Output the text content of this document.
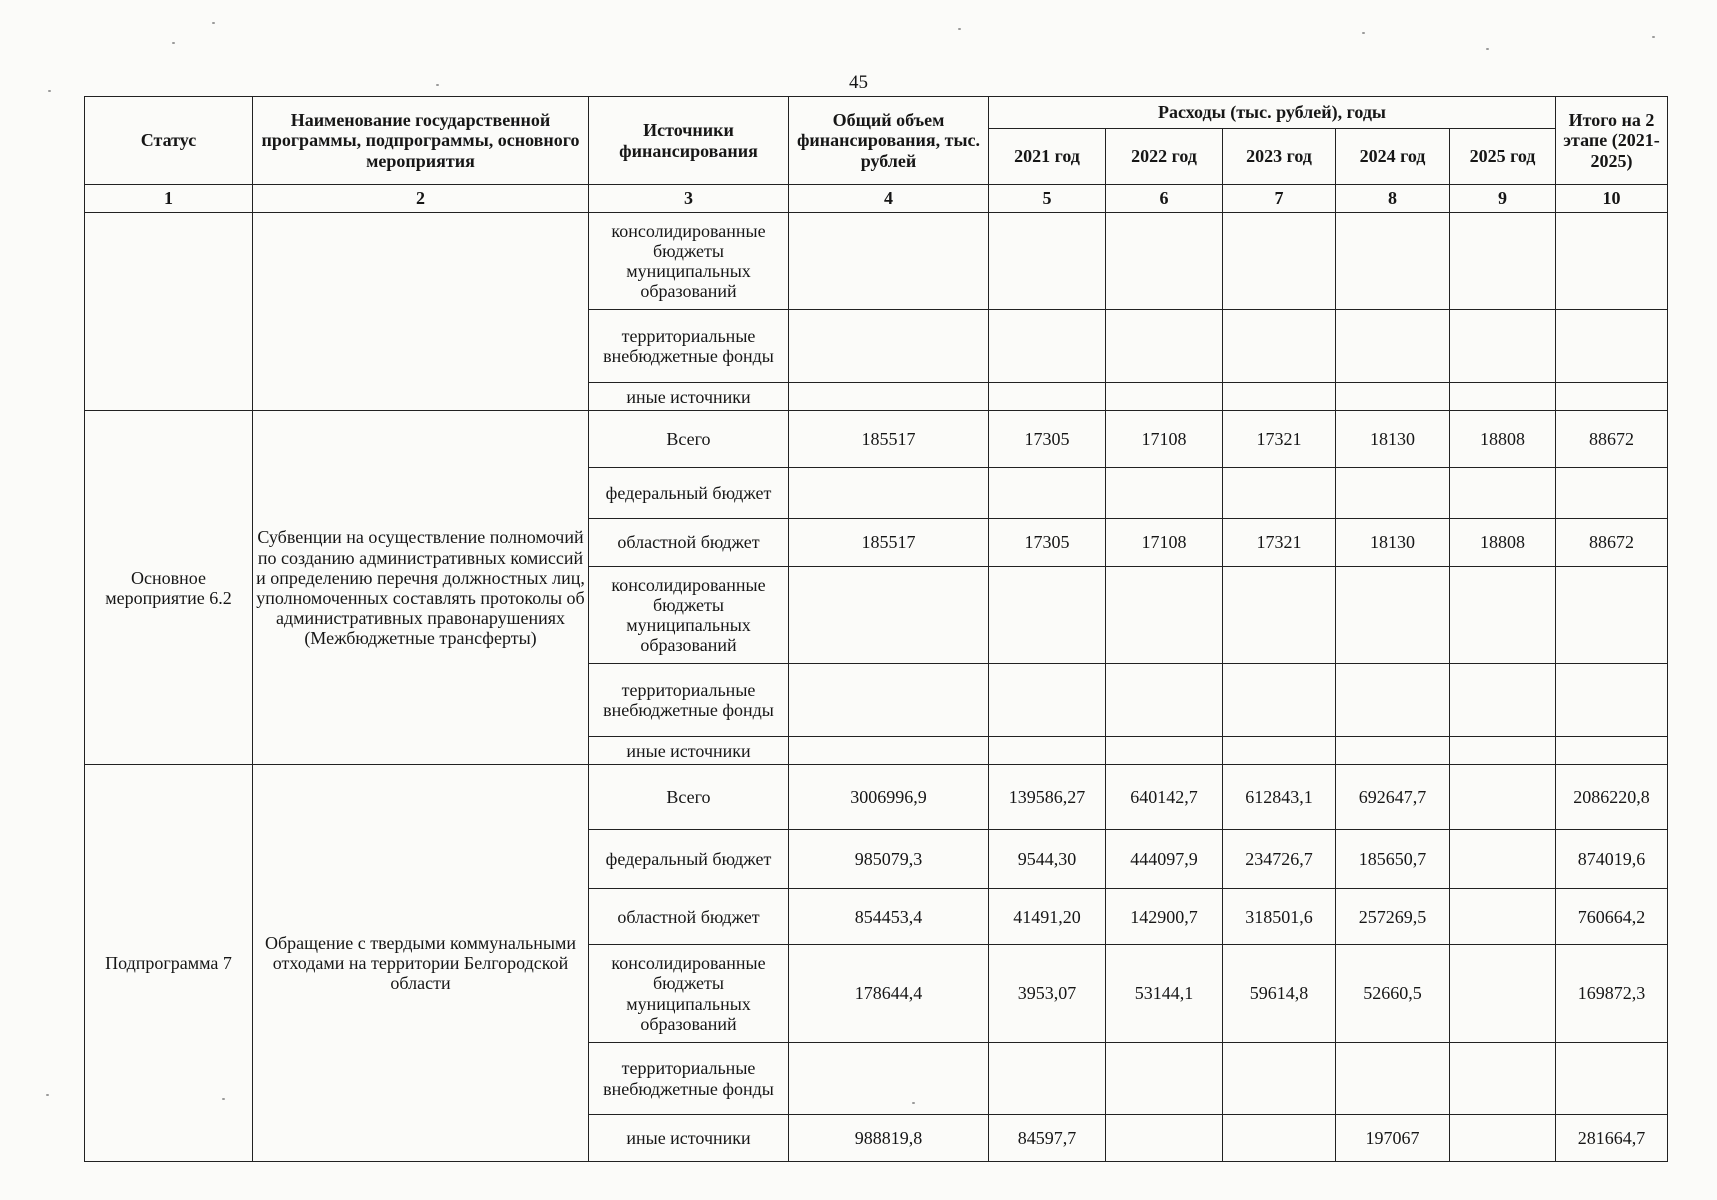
45
Статус	Наименование государственной программы, подпрограммы, основного мероприятия	Источники финансирования	Общий объем финансирования, тыс. рублей	Расходы (тыс. рублей), годы					Итого на 2 этапе (2021-2025)
				2021 год	2022 год	2023 год	2024 год	2025 год	
1	2	3	4	5	6	7	8	9	10
		консолидированные бюджеты муниципальных образований							
		территориальные внебюджетные фонды							
		иные источники							
Основное мероприятие 6.2	Субвенции на осуществление полномочий по созданию административных комиссий и определению перечня должностных лиц, уполномоченных составлять протоколы об административных правонарушениях (Межбюджетные трансферты)	Всего	185517	17305	17108	17321	18130	18808	88672
		федеральный бюджет							
		областной бюджет	185517	17305	17108	17321	18130	18808	88672
		консолидированные бюджеты муниципальных образований							
		территориальные внебюджетные фонды							
		иные источники							
Подпрограмма 7	Обращение с твердыми коммунальными отходами на территории Белгородской области	Всего	3006996,9	139586,27	640142,7	612843,1	692647,7		2086220,8
		федеральный бюджет	985079,3	9544,30	444097,9	234726,7	185650,7		874019,6
		областной бюджет	854453,4	41491,20	142900,7	318501,6	257269,5		760664,2
		консолидированные бюджеты муниципальных образований	178644,4	3953,07	53144,1	59614,8	52660,5		169872,3
		территориальные внебюджетные фонды							
		иные источники	988819,8	84597,7			197067		281664,7
